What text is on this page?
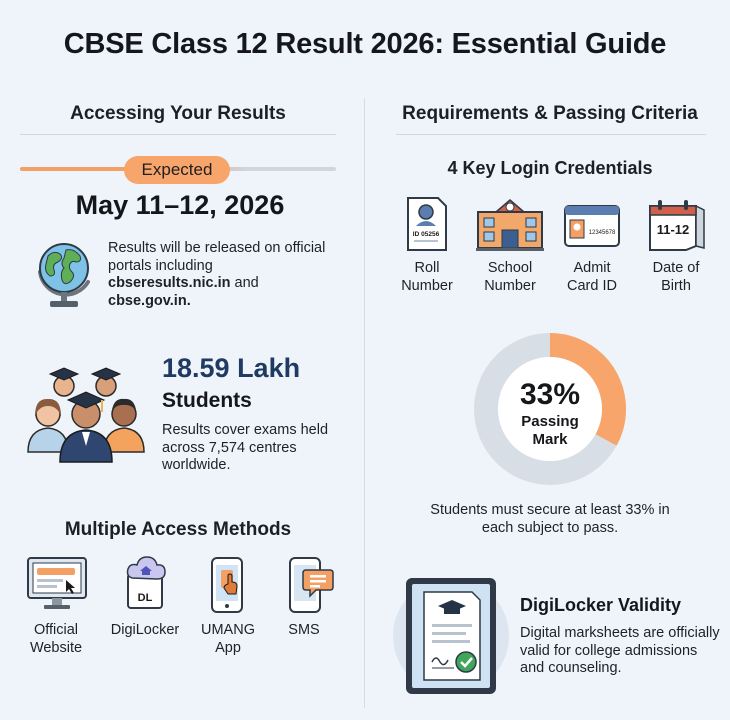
CBSE Class 12 Result 2026: Essential Guide
Accessing Your Results
Expected
May 11–12, 2026
Results will be released on official portals including
cbseresults.nic.in and
cbse.gov.in.
18.59 Lakh
Students
Results cover exams held across 7,574 centres worldwide.
Multiple Access Methods
DL
Official
Website
DigiLocker	UMANG
App
SMS
Requirements & Passing Criteria
4 Key Login Credentials
ID 05256	12345678	11-12
Roll
Number
School
Number
Admit
Card ID
Date of
Birth
33%
Passing
Mark
Students must secure at least 33% in
each subject to pass.
DigiLocker Validity
Digital marksheets are officially valid for college admissions and counseling.
